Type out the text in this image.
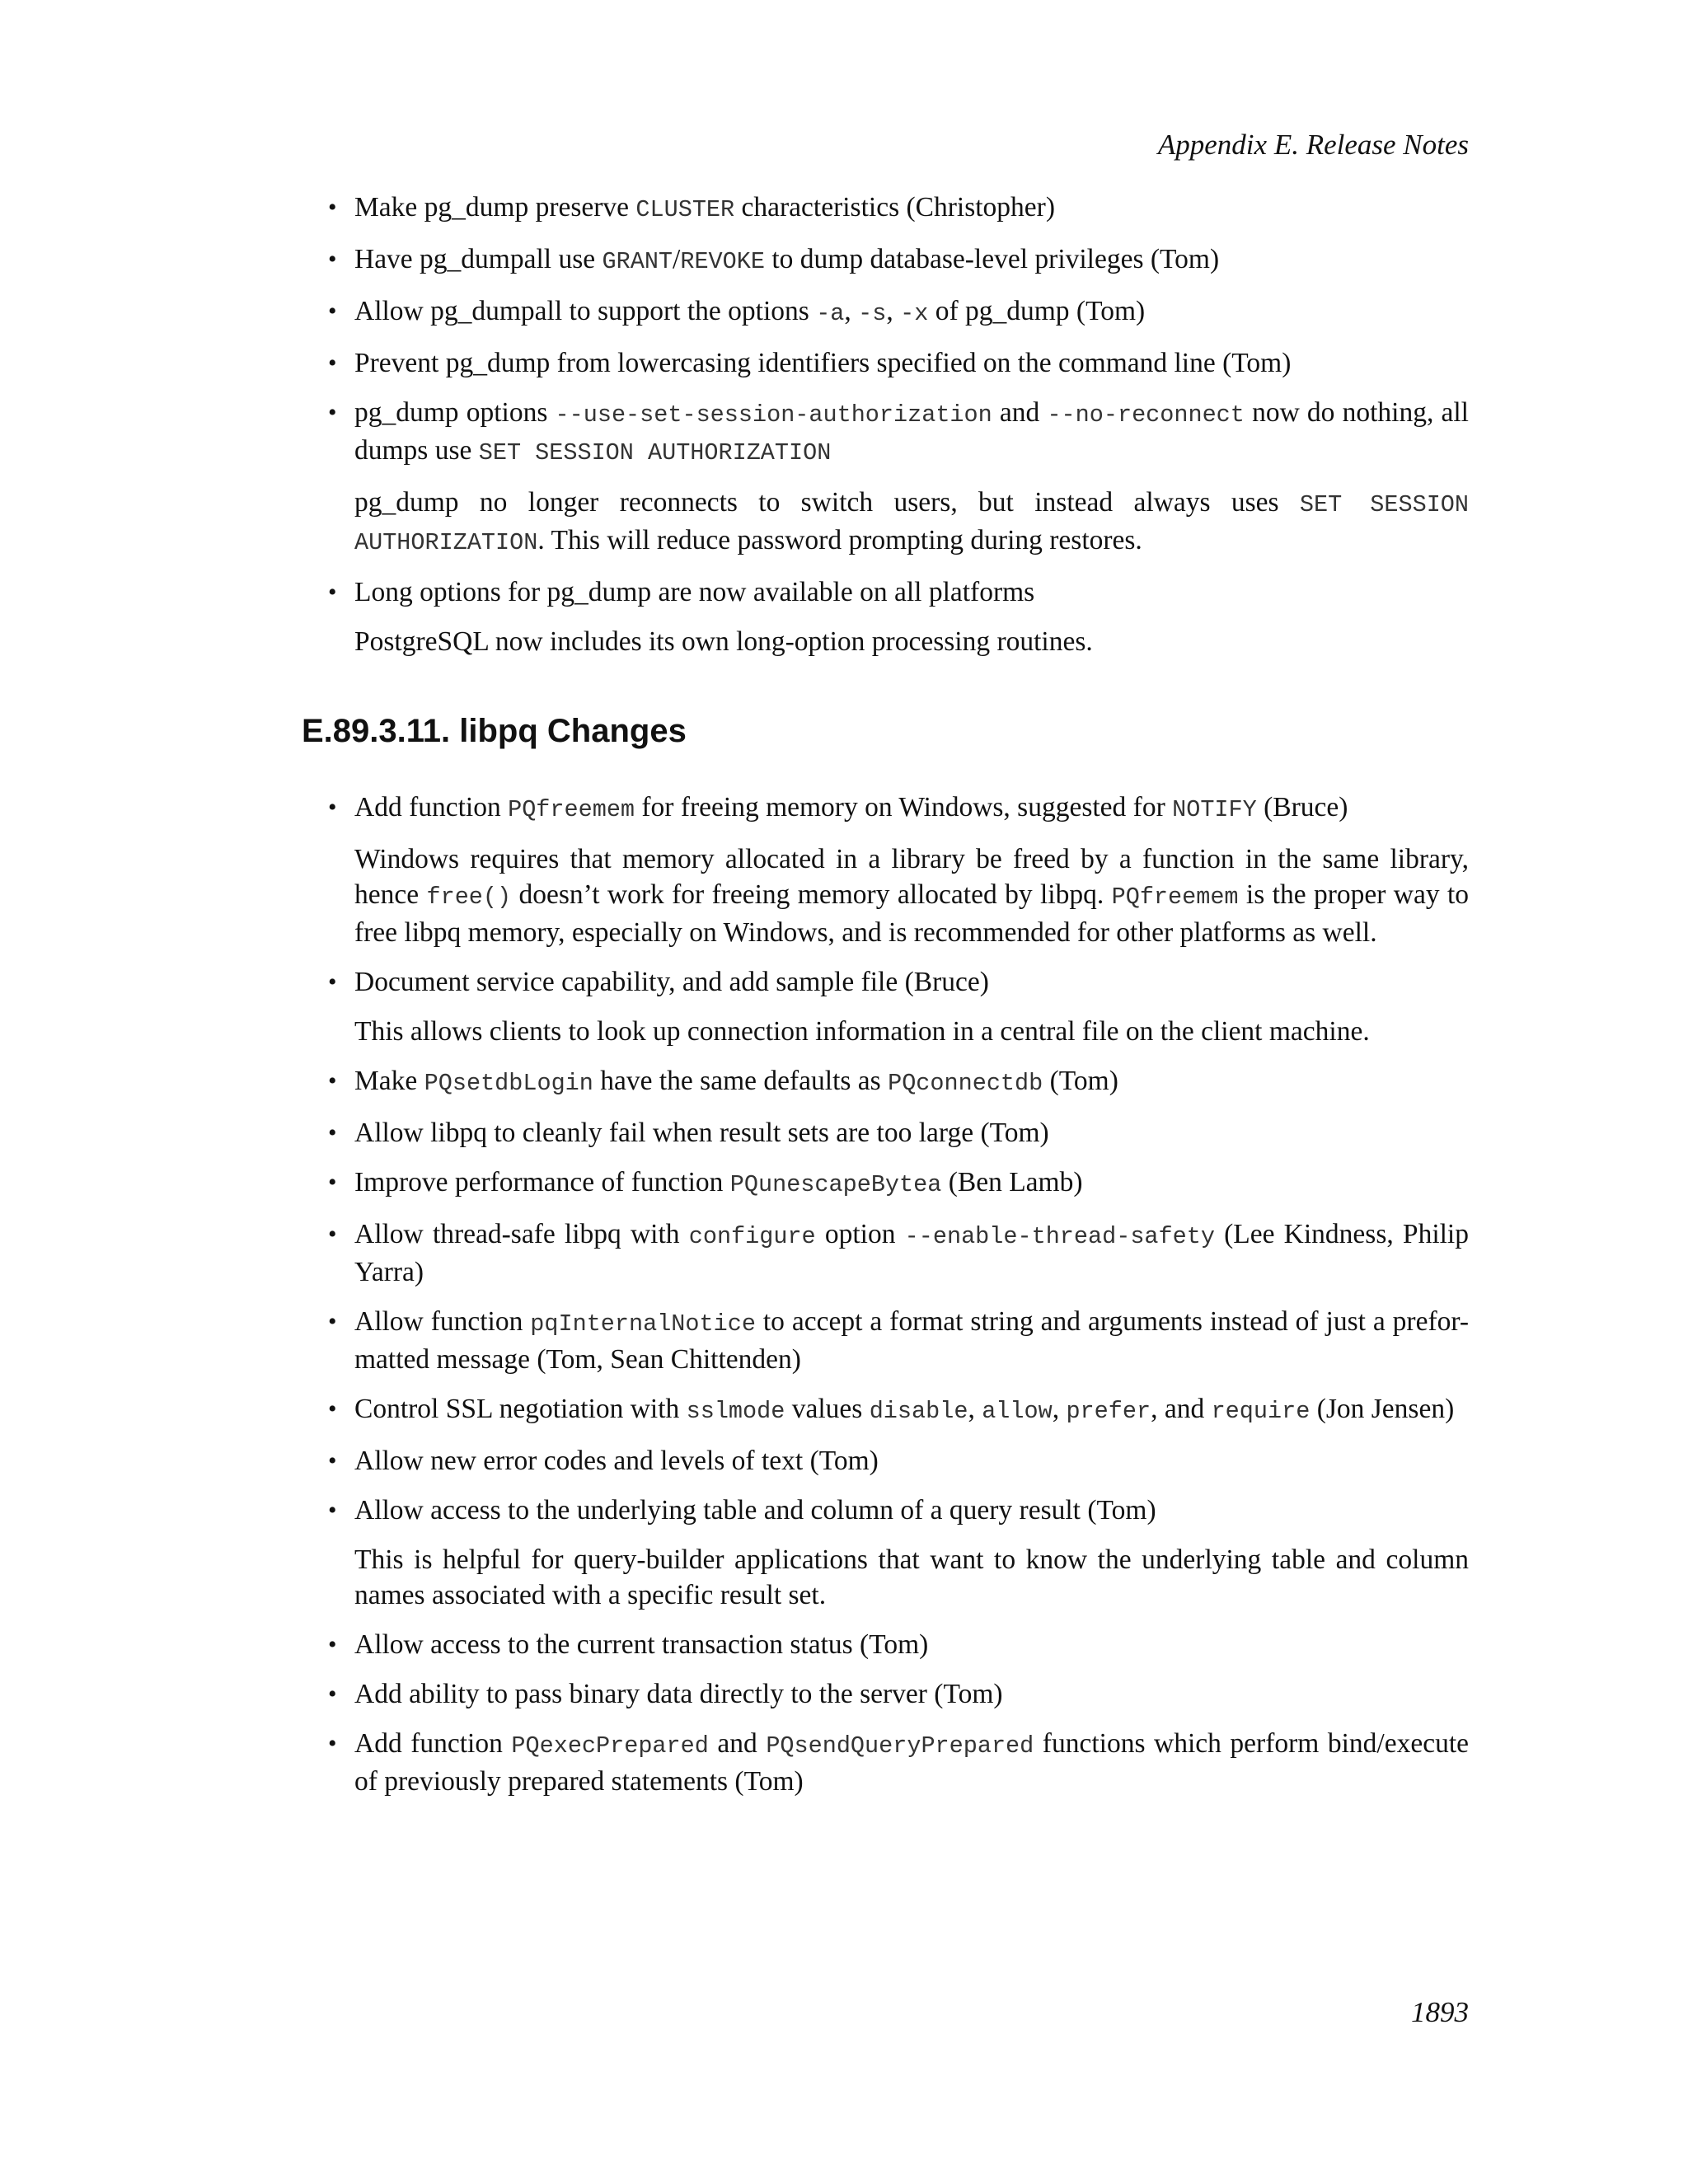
Appendix E. Release Notes
• Make pg_dump preserve CLUSTER characteristics (Christopher)
• Have pg_dumpall use GRANT/REVOKE to dump database-level privileges (Tom)
• Allow pg_dumpall to support the options -a, -s, -x of pg_dump (Tom)
• Prevent pg_dump from lowercasing identifiers specified on the command line (Tom)
• pg_dump options --use-set-session-authorization and --no-reconnect now do nothing, all dumps use SET SESSION AUTHORIZATION

pg_dump no longer reconnects to switch users, but instead always uses SET SESSION AUTHORIZATION. This will reduce password prompting during restores.

• Long options for pg_dump are now available on all platforms

PostgreSQL now includes its own long-option processing routines.

E.89.3.11. libpq Changes
• Add function PQfreemem for freeing memory on Windows, suggested for NOTIFY (Bruce)

Windows requires that memory allocated in a library be freed by a function in the same library, hence free() doesn’t work for freeing memory allocated by libpq. PQfreemem is the proper way to free libpq memory, especially on Windows, and is recommended for other platforms as well.

• Document service capability, and add sample file (Bruce)

This allows clients to look up connection information in a central file on the client machine.

• Make PQsetdbLogin have the same defaults as PQconnectdb (Tom)
• Allow libpq to cleanly fail when result sets are too large (Tom)
• Improve performance of function PQunescapeBytea (Ben Lamb)
• Allow thread-safe libpq with configure option --enable-thread-safety (Lee Kindness, Philip Yarra)
• Allow function pqInternalNotice to accept a format string and arguments instead of just a prefor-matted message (Tom, Sean Chittenden)
• Control SSL negotiation with sslmode values disable, allow, prefer, and require (Jon Jensen)
• Allow new error codes and levels of text (Tom)
• Allow access to the underlying table and column of a query result (Tom)

This is helpful for query-builder applications that want to know the underlying table and column names associated with a specific result set.

• Allow access to the current transaction status (Tom)
• Add ability to pass binary data directly to the server (Tom)
• Add function PQexecPrepared and PQsendQueryPrepared functions which perform bind/execute of previously prepared statements (Tom)
1893
